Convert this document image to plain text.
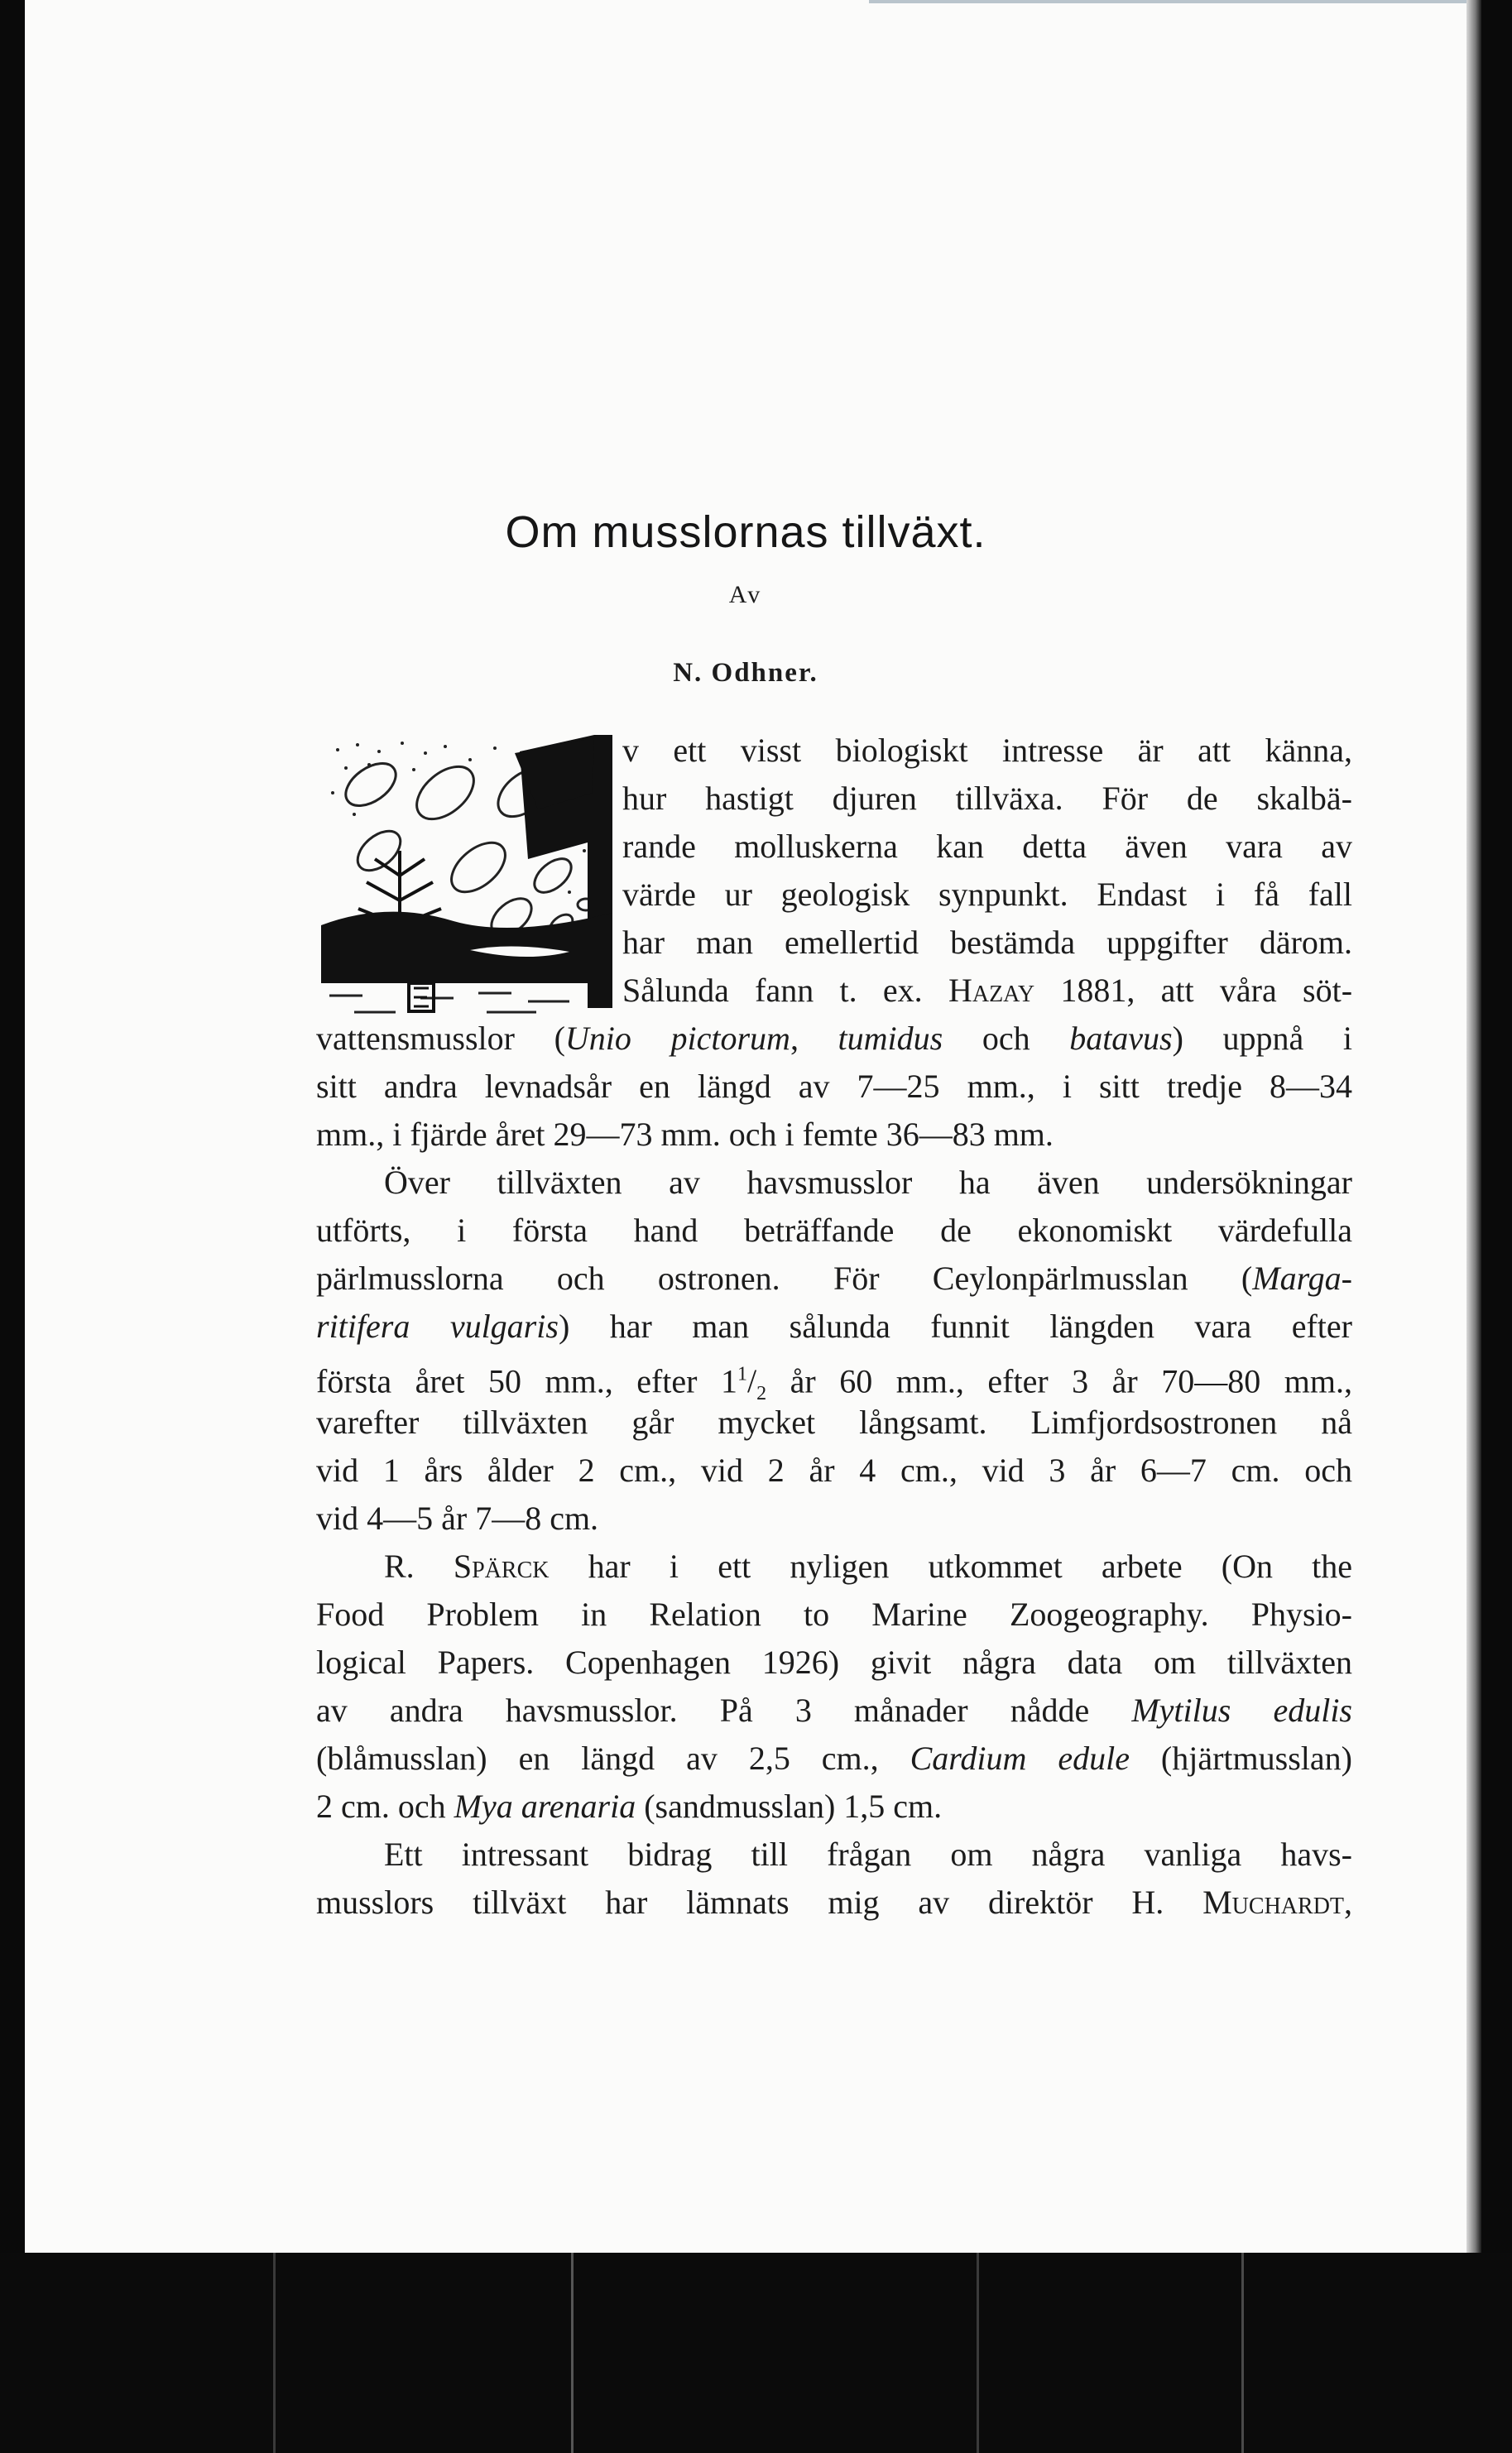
Om musslornas tillväxt.
Av
N. Odhner.
v ett visst biologiskt intresse är att känna,
hur hastigt djuren tillväxa. För de skalbä-
rande molluskerna kan detta även vara av
värde ur geologisk synpunkt. Endast i få fall
har man emellertid bestämda uppgifter därom.
Sålunda fann t. ex. Hazay 1881, att våra söt-
vattensmusslor (Unio pictorum, tumidus och batavus) uppnå i
sitt andra levnadsår en längd av 7—25 mm., i sitt tredje 8—34
mm., i fjärde året 29—73 mm. och i femte 36—83 mm.
Över tillväxten av havsmusslor ha även undersökningar
utförts, i första hand beträffande de ekonomiskt värdefulla
pärlmusslorna och ostronen. För Ceylonpärlmusslan (Marga-
ritifera vulgaris) har man sålunda funnit längden vara efter
första året 50 mm., efter $1^1/_2$ år 60 mm., efter 3 år 70—80 mm.,
varefter tillväxten går mycket långsamt. Limfjordsostronen nå
vid 1 års ålder 2 cm., vid 2 år 4 cm., vid 3 år 6—7 cm. och
vid 4—5 år 7—8 cm.
R. Spärck har i ett nyligen utkommet arbete (On the
Food Problem in Relation to Marine Zoogeography. Physio-
logical Papers. Copenhagen 1926) givit några data om tillväxten
av andra havsmusslor. På 3 månader nådde Mytilus edulis
(blåmusslan) en längd av 2,5 cm., Cardium edule (hjärtmusslan)
2 cm. och Mya arenaria (sandmusslan) 1,5 cm.
Ett intressant bidrag till frågan om några vanliga havs-
musslors tillväxt har lämnats mig av direktör H. Muchardt,
